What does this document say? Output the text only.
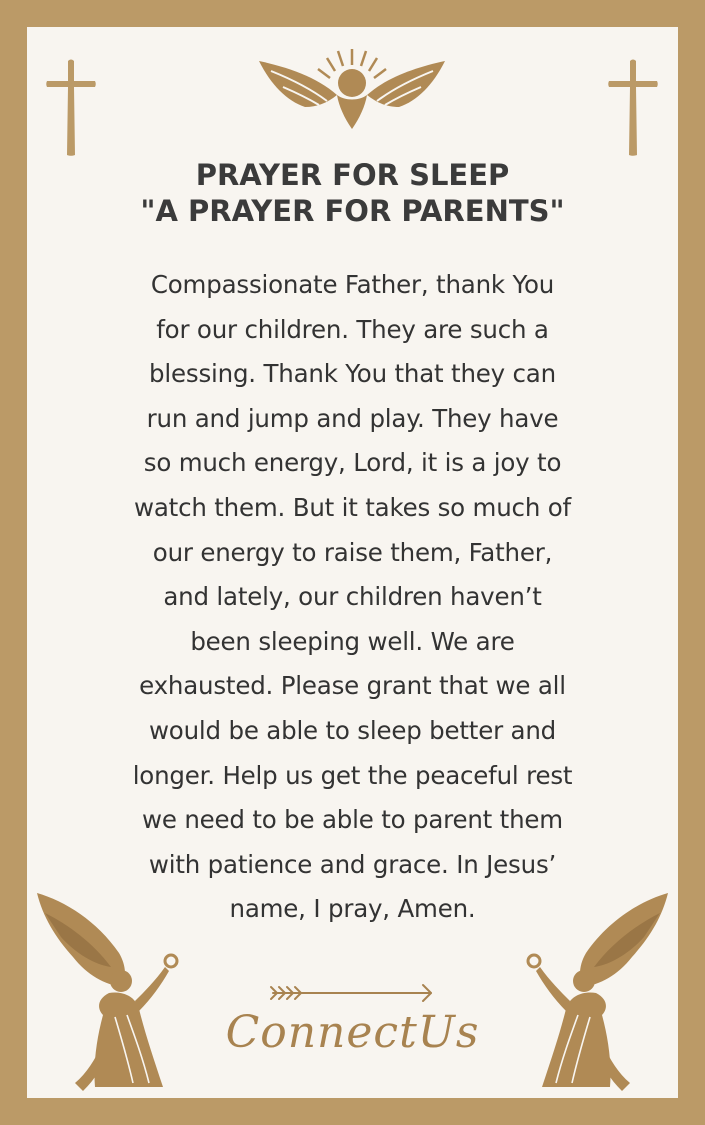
PRAYER FOR SLEEP
"A PRAYER FOR PARENTS"
Compassionate Father, thank You
for our children. They are such a
blessing. Thank You that they can
run and jump and play. They have
so much energy, Lord, it is a joy to
watch them. But it takes so much of
our energy to raise them, Father,
and lately, our children haven’t
been sleeping well. We are
exhausted. Please grant that we all
would be able to sleep better and
longer. Help us get the peaceful rest
we need to be able to parent them
with patience and grace. In Jesus’
name, I pray, Amen.
ConnectUs
